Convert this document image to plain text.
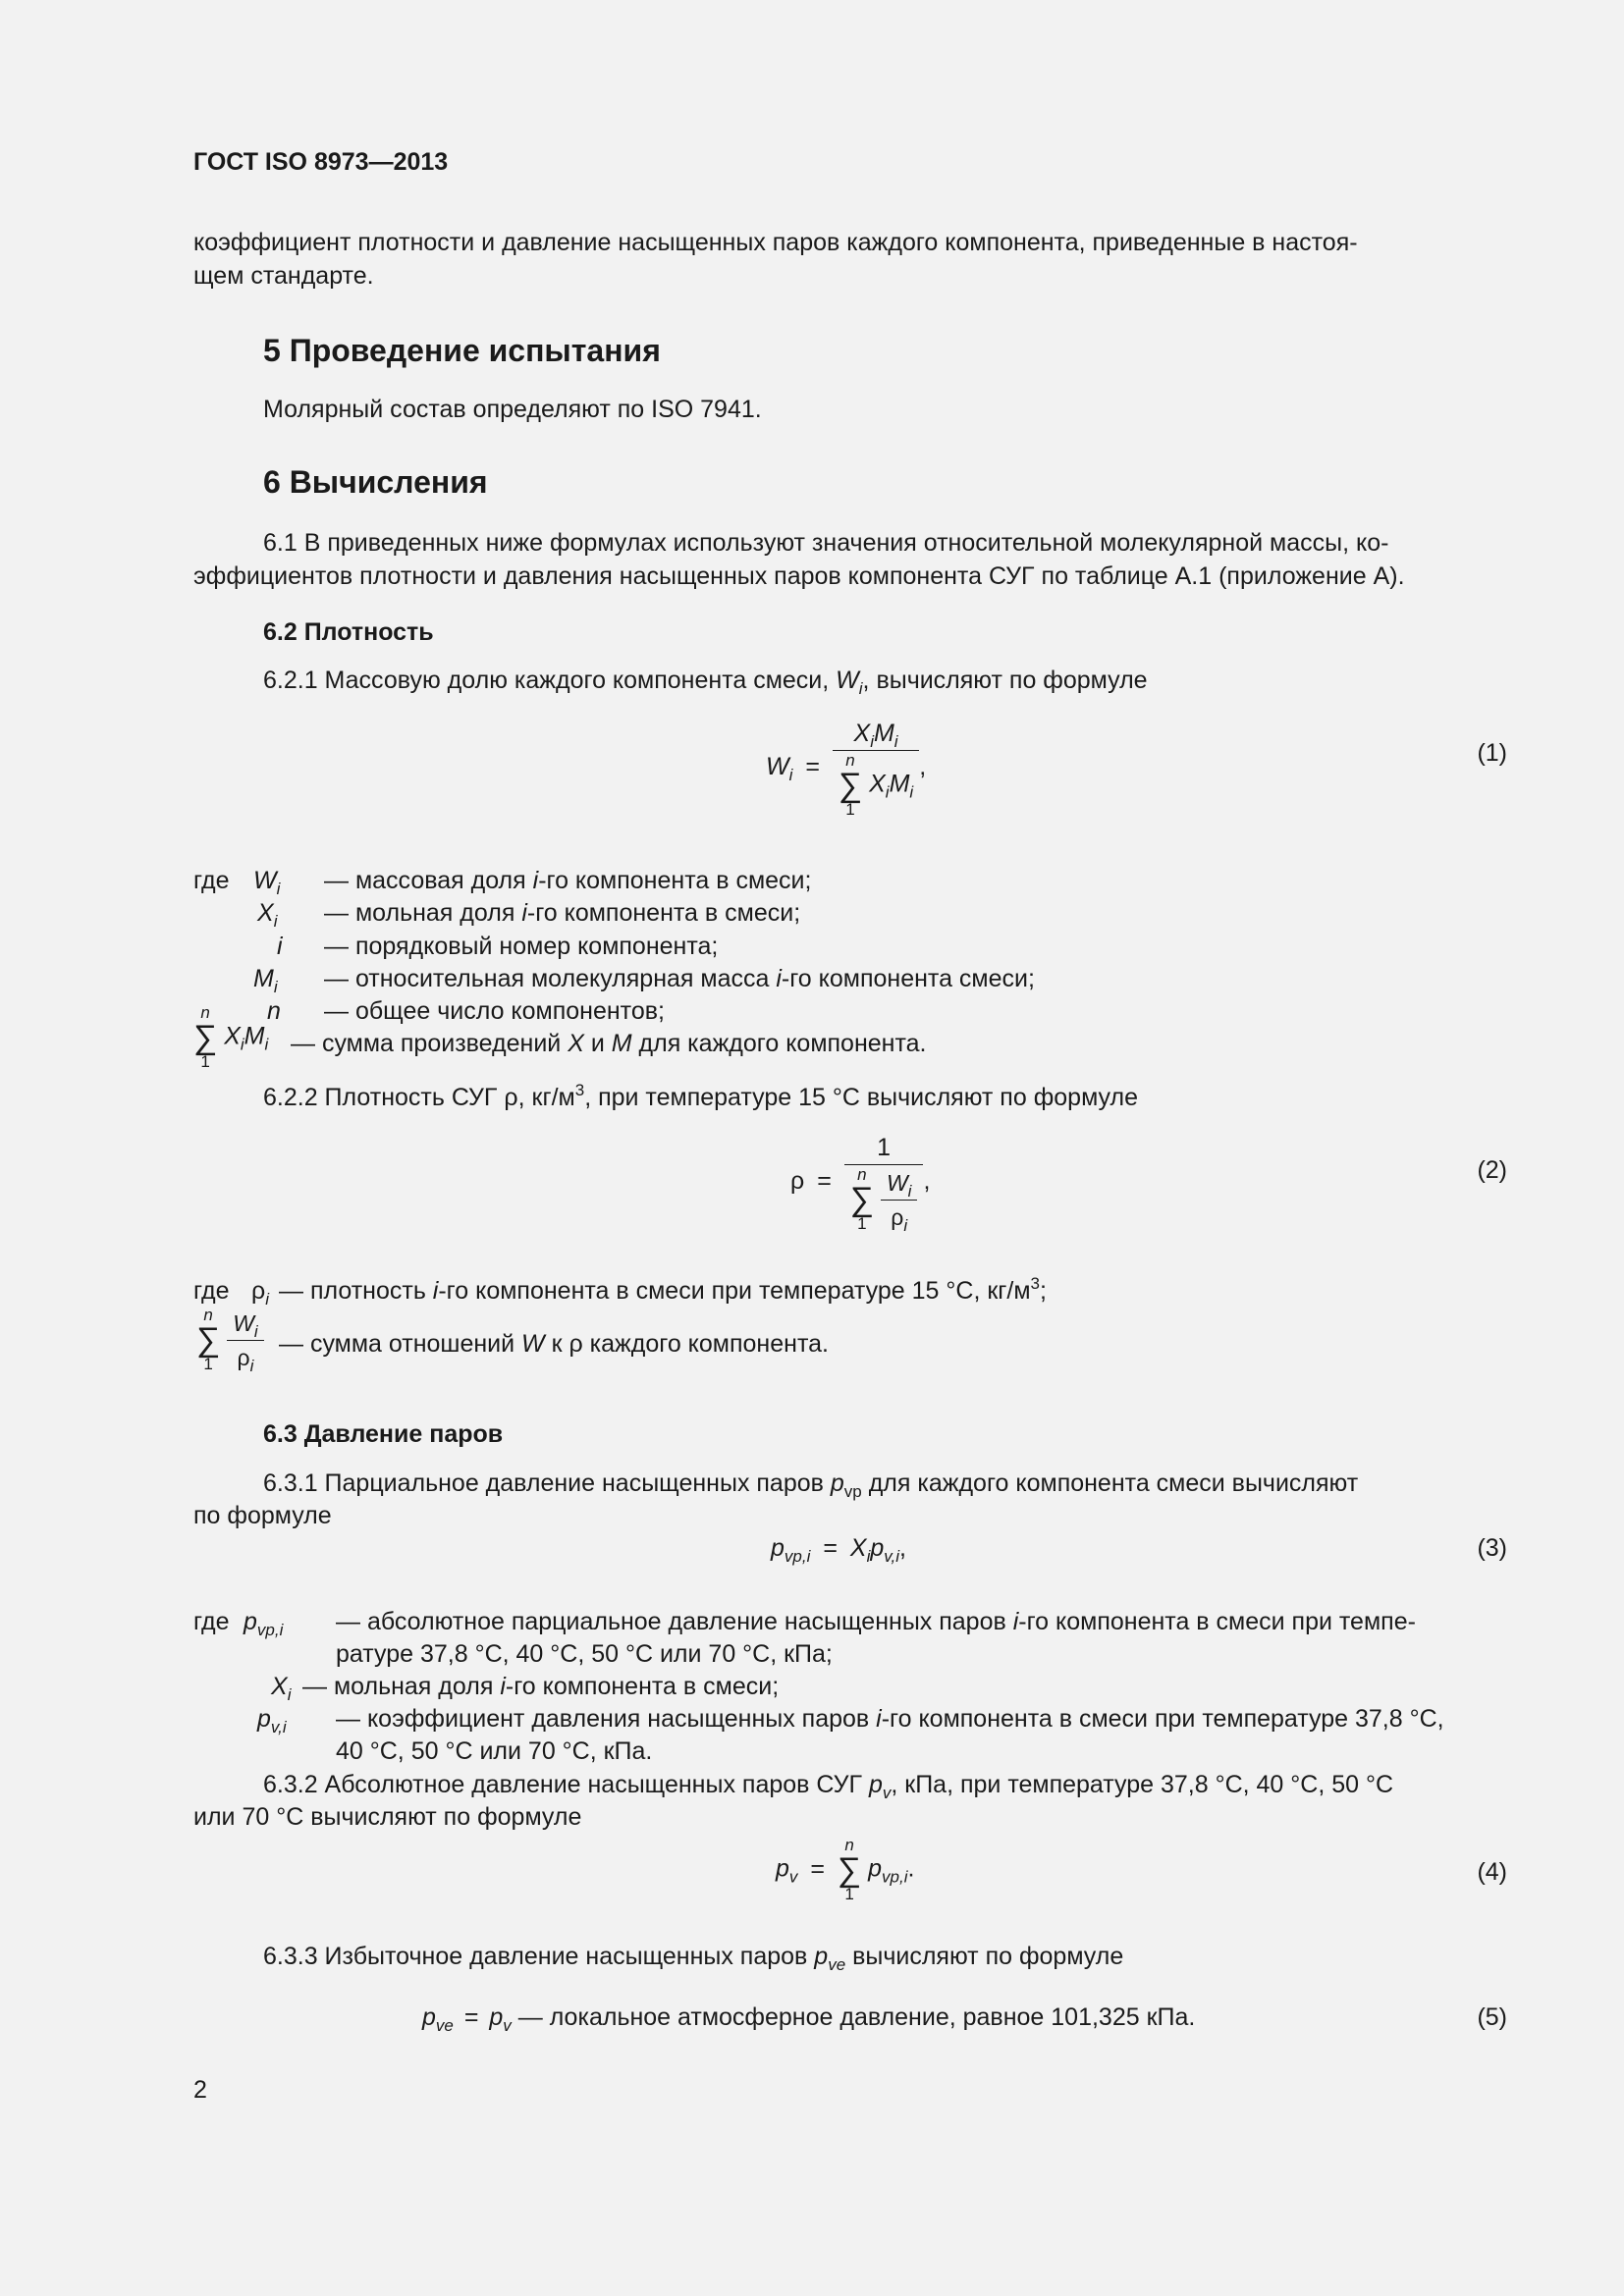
ГОСТ ISO 8973—2013
коэффициент плотности и давление насыщенных паров каждого компонента, приведенные в настоя-
щем стандарте.
5 Проведение испытания
Молярный состав определяют по ISO 7941.
6 Вычисления
6.1 В приведенных ниже формулах используют значения относительной молекулярной массы, ко-
эффициентов плотности и давления насыщенных паров компонента СУГ по таблице А.1 (приложение А).
6.2 Плотность
6.2.1 Массовую долю каждого компонента смеси, $W_i$, вычисляют по формуле
$W_i = X_iM_i$
n
∑
1
$X_iM_i$ ,
(1)
где $W_i$ — массовая доля i-го компонента в смеси;
$X_i$ — мольная доля i-го компонента в смеси;
i — порядковый номер компонента;
$M_i$ — относительная молекулярная масса i-го компонента смеси;
n — общее число компонентов;
n
∑
1
$X_iM_i$ — сумма произведений X и M для каждого компонента.
6.2.2 Плотность СУГ ρ, $кг/м^3$, при температуре 15 °С вычисляют по формуле
ρ = 1
n
∑
1
$\frac{W_i}{\rho_i}$ ,	(2)
где $\rho_i$ — плотность i-го компонента в смеси при температуре 15 °С, $кг/м^3$;
n
∑
1
$\frac{W_i}{\rho_i}$ — сумма отношений W к ρ каждого компонента.
6.3 Давление паров
6.3.1 Парциальное давление насыщенных паров $p_{vp}$ для каждого компонента смеси вычисляют
по формуле
$p_{vp,i} = X_ip_{v,i}$,	(3)
где $p_{vp,i}$ — абсолютное парциальное давление насыщенных паров i-го компонента в смеси при темпе-
ратуре 37,8 °С, 40 °С, 50 °С или 70 °С, кПа;
$X_i$ — мольная доля i-го компонента в смеси;
$p_{v,i}$ — коэффициент давления насыщенных паров i-го компонента в смеси при температуре 37,8 °С,
40 °С, 50 °С или 70 °С, кПа.
6.3.2 Абсолютное давление насыщенных паров СУГ $p_v$, кПа, при температуре 37,8 °С, 40 °С, 50 °С
или 70 °С вычисляют по формуле
$p_v$ =
n
∑
1
$p_{vp,i}$.	(4)
6.3.3 Избыточное давление насыщенных паров $p_{ve}$ вычисляют по формуле
$p_{ve} = p_v$ — локальное атмосферное давление, равное 101,325 кПа.	(5)
2
